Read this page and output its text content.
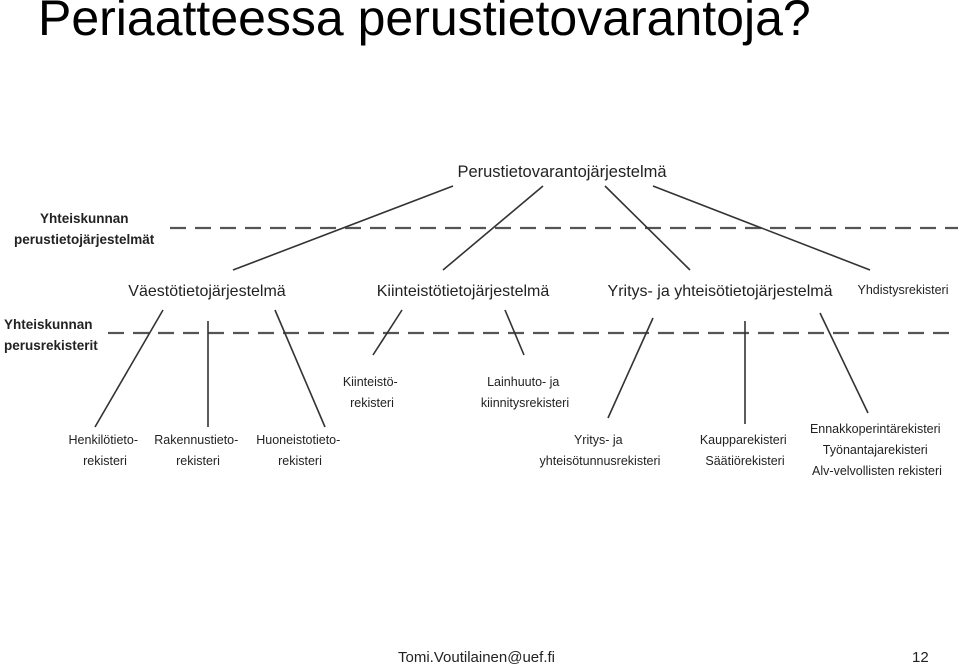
Periaatteessa perustietovarantoja?
Perustietovarantojärjestelmä
Yhteiskunnan perustietojärjestelmät
Yhteiskunnan perusrekisterit
Väestötietojärjestelmä	Kiinteistötietojärjestelmä	Yritys- ja yhteisötietojärjestelmä Yhdistysrekisteri
Henkilötieto- rekisteri
Rakennustieto- rekisteri
Huoneistotieto- rekisteri
Kiinteistö- rekisteri
Lainhuuto- ja kiinnitysrekisteri
Yritys- ja yhteisötunnusrekisteri
Kaupparekisteri Säätiörekisteri
Ennakkoperintärekisteri Työnantajarekisteri Alv-velvollisten rekisteri
Tomi.Voutilainen@uef.fi	12
